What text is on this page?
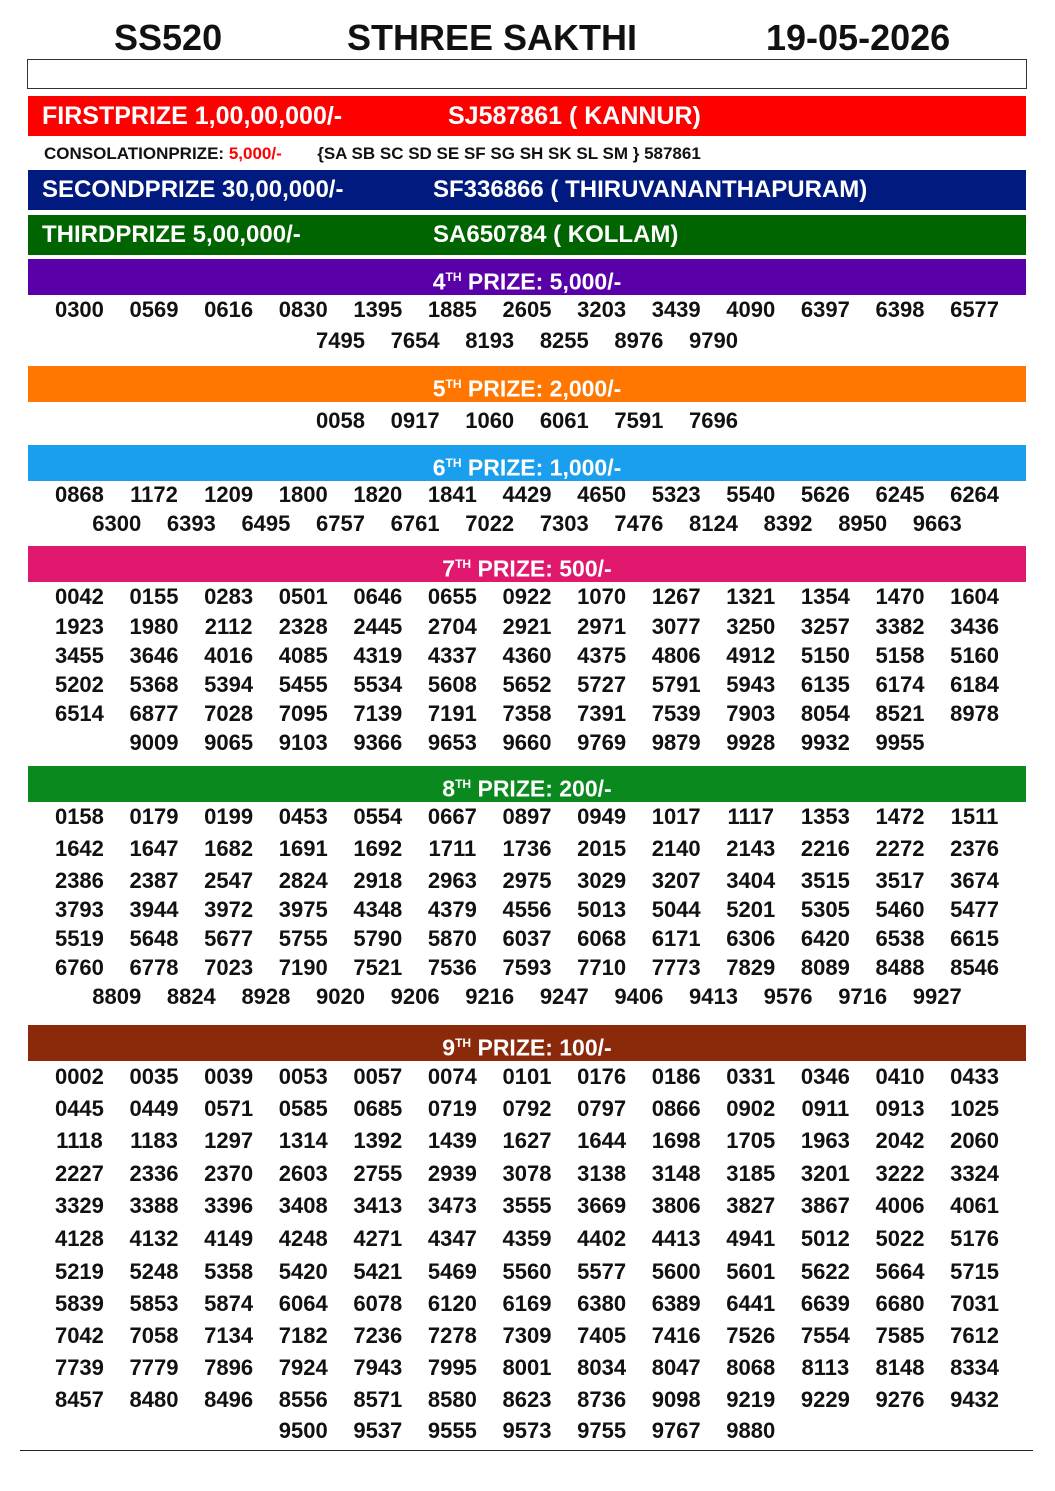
SS520	STHREE SAKTHI	19-05-2026
FIRSTPRIZE 1,00,00,000/-	SJ587861 ( KANNUR)
CONSOLATIONPRIZE: 5,000/- {SA SB SC SD SE SF SG SH SK SL SM } 587861
SECONDPRIZE 30,00,000/-	SF336866 ( THIRUVANANTHAPURAM)
THIRDPRIZE 5,00,000/-	SA650784 ( KOLLAM)
4TH PRIZE: 5,000/-
0300	0569	0616	0830	1395	1885	2605	3203	3439	4090	6397	6398	6577
7495	7654	8193	8255	8976	9790
5TH PRIZE: 2,000/-
0058	0917	1060	6061	7591	7696
6TH PRIZE: 1,000/-
0868	1172	1209	1800	1820	1841	4429	4650	5323	5540	5626	6245	6264
6300	6393	6495	6757	6761	7022	7303	7476	8124	8392	8950	9663
7TH PRIZE: 500/-
0042	0155	0283	0501	0646	0655	0922	1070	1267	1321	1354	1470	1604
1923	1980	2112	2328	2445	2704	2921	2971	3077	3250	3257	3382	3436
3455	3646	4016	4085	4319	4337	4360	4375	4806	4912	5150	5158	5160
5202	5368	5394	5455	5534	5608	5652	5727	5791	5943	6135	6174	6184
6514	6877	7028	7095	7139	7191	7358	7391	7539	7903	8054	8521	8978
9009	9065	9103	9366	9653	9660	9769	9879	9928	9932	9955
8TH PRIZE: 200/-
0158	0179	0199	0453	0554	0667	0897	0949	1017	1117	1353	1472	1511
1642	1647	1682	1691	1692	1711	1736	2015	2140	2143	2216	2272	2376
2386	2387	2547	2824	2918	2963	2975	3029	3207	3404	3515	3517	3674
3793	3944	3972	3975	4348	4379	4556	5013	5044	5201	5305	5460	5477
5519	5648	5677	5755	5790	5870	6037	6068	6171	6306	6420	6538	6615
6760	6778	7023	7190	7521	7536	7593	7710	7773	7829	8089	8488	8546
8809	8824	8928	9020	9206	9216	9247	9406	9413	9576	9716	9927
9TH PRIZE: 100/-
0002	0035	0039	0053	0057	0074	0101	0176	0186	0331	0346	0410	0433
0445	0449	0571	0585	0685	0719	0792	0797	0866	0902	0911	0913	1025
1118	1183	1297	1314	1392	1439	1627	1644	1698	1705	1963	2042	2060
2227	2336	2370	2603	2755	2939	3078	3138	3148	3185	3201	3222	3324
3329	3388	3396	3408	3413	3473	3555	3669	3806	3827	3867	4006	4061
4128	4132	4149	4248	4271	4347	4359	4402	4413	4941	5012	5022	5176
5219	5248	5358	5420	5421	5469	5560	5577	5600	5601	5622	5664	5715
5839	5853	5874	6064	6078	6120	6169	6380	6389	6441	6639	6680	7031
7042	7058	7134	7182	7236	7278	7309	7405	7416	7526	7554	7585	7612
7739	7779	7896	7924	7943	7995	8001	8034	8047	8068	8113	8148	8334
8457	8480	8496	8556	8571	8580	8623	8736	9098	9219	9229	9276	9432
9500	9537	9555	9573	9755	9767	9880
